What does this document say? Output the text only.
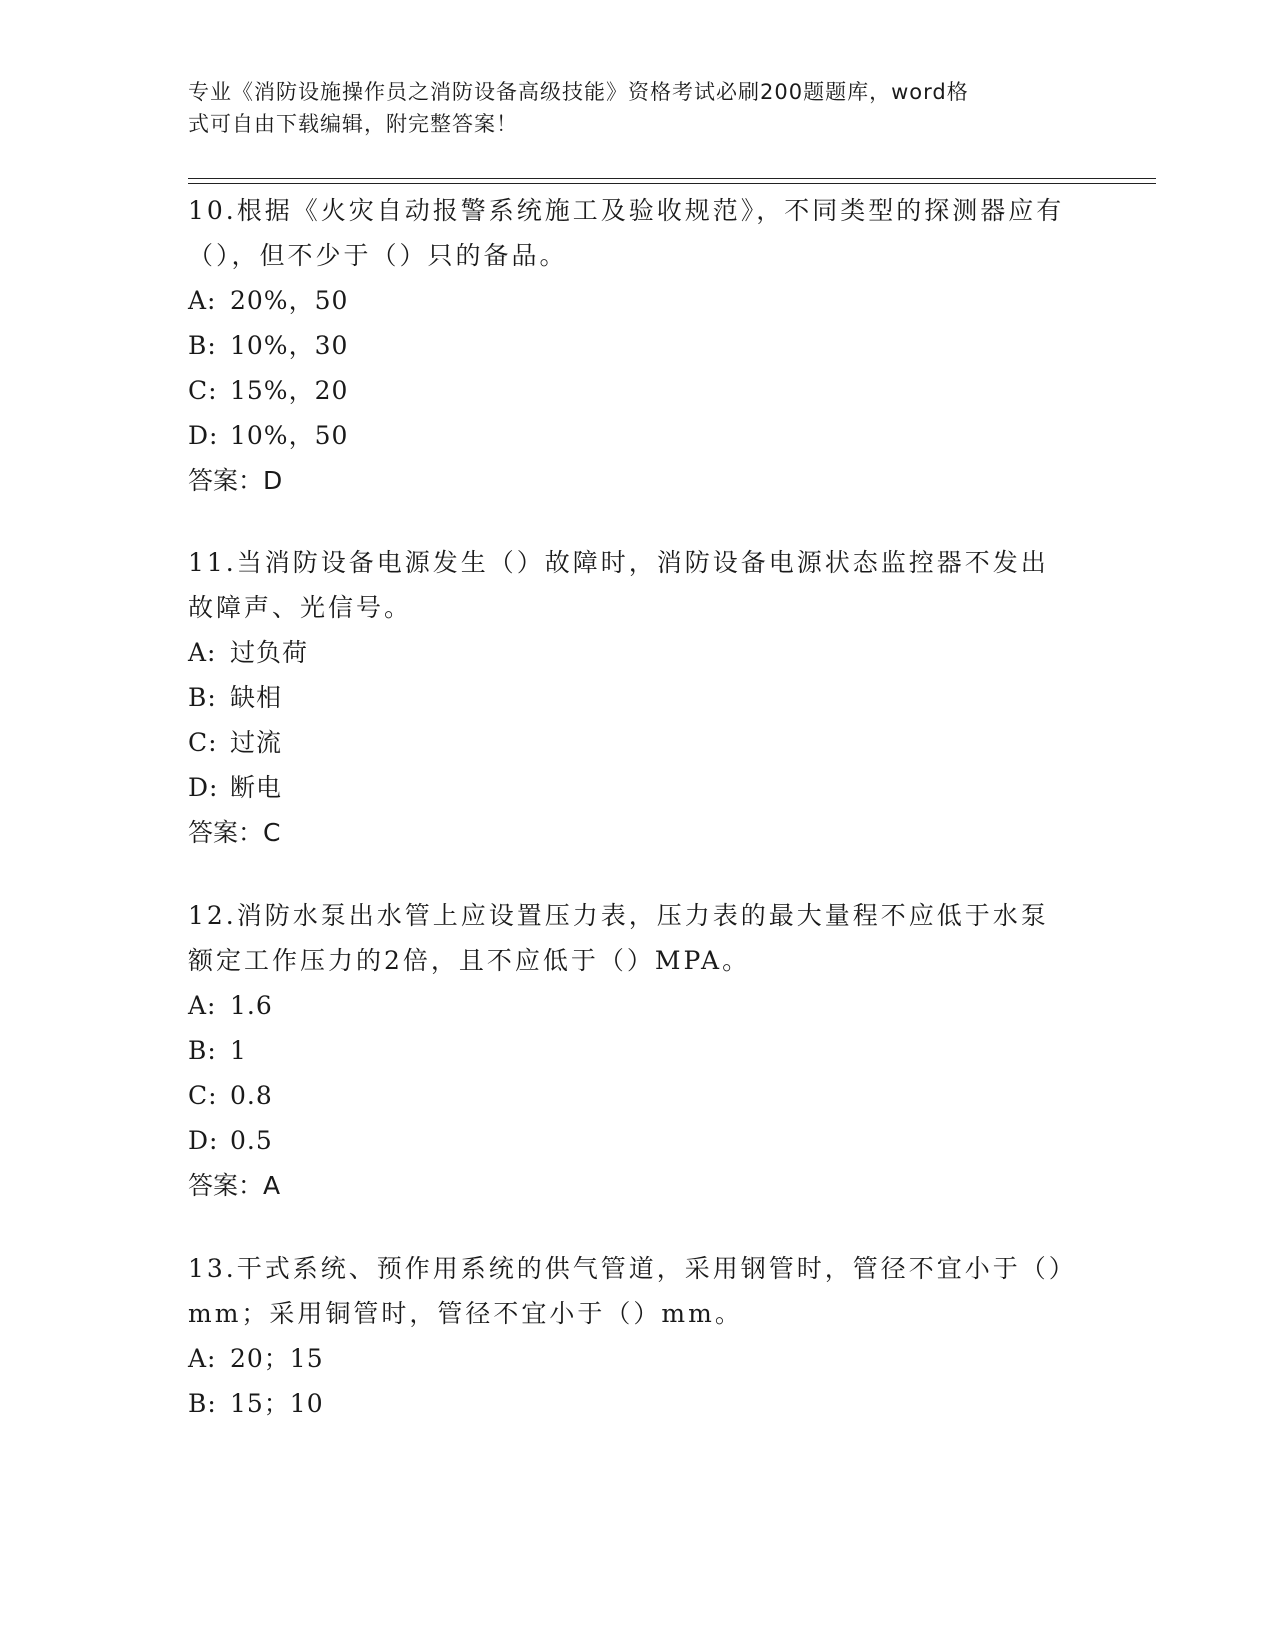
专业《消防设施操作员之消防设备高级技能》资格考试必刷200题题库，word格
式可自由下载编辑，附完整答案！

10.根据《火灾自动报警系统施工及验收规范》，不同类型的探测器应有（），但不少于（）只的备品。

A: 20%，50
B: 10%，30
C: 15%，20
D: 10%，50
答案：D

11.当消防设备电源发生（）故障时，消防设备电源状态监控器不发出故障声、光信号。

A: 过负荷
B: 缺相
C: 过流
D: 断电
答案：C

12.消防水泵出水管上应设置压力表，压力表的最大量程不应低于水泵额定工作压力的2倍，且不应低于（）MPA。

A: 1.6
B: 1
C: 0.8
D: 0.5
答案：A

13.干式系统、预作用系统的供气管道，采用钢管时，管径不宜小于（）mm；采用铜管时，管径不宜小于（）mm。

A: 20；15
B: 15；10
